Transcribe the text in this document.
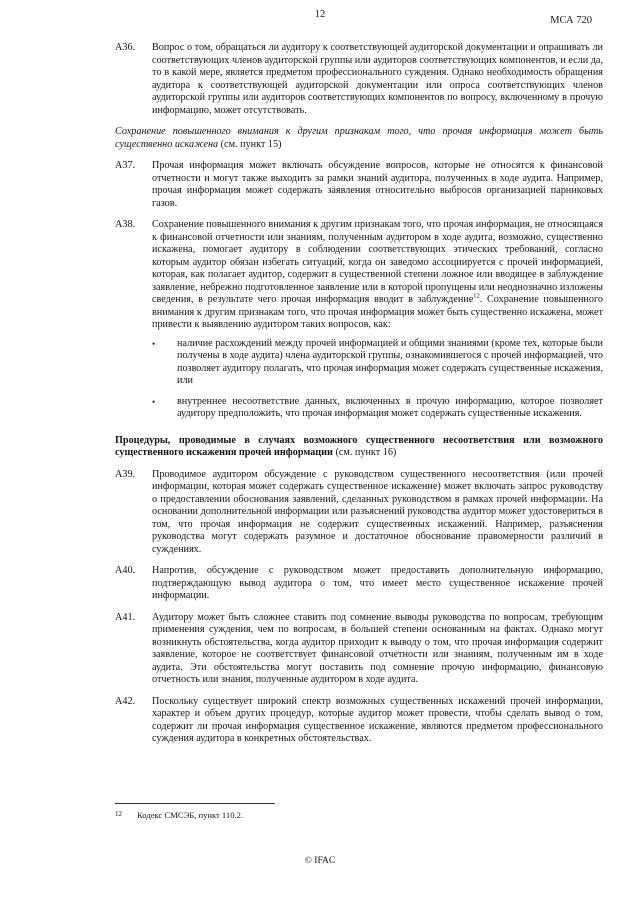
12
МСА 720
A36. Вопрос о том, обращаться ли аудитору к соответствующей аудиторской документации и опрашивать ли соответствующих членов аудиторской группы или аудиторов соответствующих компонентов, и если да, то в какой мере, является предметом профессионального суждения. Однако необходимость обращения аудитора к соответствующей аудиторской документации или опроса соответствующих членов аудиторской группы или аудиторов соответствующих компонентов по вопросу, включенному в прочую информацию, может отсутствовать.
Сохранение повышенного внимания к другим признакам того, что прочая информация может быть существенно искажена (см. пункт 15)
A37. Прочая информация может включать обсуждение вопросов, которые не относятся к финансовой отчетности и могут также выходить за рамки знаний аудитора, полученных в ходе аудита. Например, прочая информация может содержать заявления относительно выбросов организацией парниковых газов.
A38. Сохранение повышенного внимания к другим признакам того, что прочая информация, не относящаяся к финансовой отчетности или знаниям, полученным аудитором в ходе аудита, возможно, существенно искажена, помогает аудитору в соблюдении соответствующих этических требований, согласно которым аудитор обязан избегать ситуаций, когда он заведомо ассоциируется с прочей информацией, которая, как полагает аудитор, содержит в существенной степени ложное или вводящее в заблуждение заявление, небрежно подготовленное заявление или в которой пропущены или неоднозначно изложены сведения, в результате чего прочая информация вводит в заблуждение$^{12}$. Сохранение повышенного внимания к другим признакам того, что прочая информация может быть существенно искажена, может привести к выявлению аудитором таких вопросов, как:
• наличие расхождений между прочей информацией и общими знаниями (кроме тех, которые были получены в ходе аудита) члена аудиторской группы, ознакомившегося с прочей информацией, что позволяет аудитору полагать, что прочая информация может содержать существенные искажения, или
• внутреннее несоответствие данных, включенных в прочую информацию, которое позволяет аудитору предположить, что прочая информация может содержать существенные искажения.
Процедуры, проводимые в случаях возможного существенного несоответствия или возможного существенного искажения прочей информации (см. пункт 16)
A39. Проводимое аудитором обсуждение с руководством существенного несоответствия (или прочей информации, которая может содержать существенное искажение) может включать запрос руководству о предоставлении обоснования заявлений, сделанных руководством в рамках прочей информации. На основании дополнительной информации или разъяснений руководства аудитор может удостовериться в том, что прочая информация не содержит существенных искажений. Например, разъяснения руководства могут содержать разумное и достаточное обоснование правомерности различий в суждениях.
A40. Напротив, обсуждение с руководством может предоставить дополнительную информацию, подтверждающую вывод аудитора о том, что имеет место существенное искажение прочей информации.
A41. Аудитору может быть сложнее ставить под сомнение выводы руководства по вопросам, требующим применения суждения, чем по вопросам, в большей степени основанным на фактах. Однако могут возникнуть обстоятельства, когда аудитор приходит к выводу о том, что прочая информация содержит заявление, которое не соответствует финансовой отчетности или знаниям, полученным им в ходе аудита. Эти обстоятельства могут поставить под сомнение прочую информацию, финансовую отчетность или знания, полученные аудитором в ходе аудита.
A42. Поскольку существует широкий спектр возможных существенных искажений прочей информации, характер и объем других процедур, которые аудитор может провести, чтобы сделать вывод о том, содержит ли прочая информация существенное искажение, являются предметом профессионального суждения аудитора в конкретных обстоятельствах.
12 Кодекс СМСЭБ, пункт 110.2.
© IFAC
